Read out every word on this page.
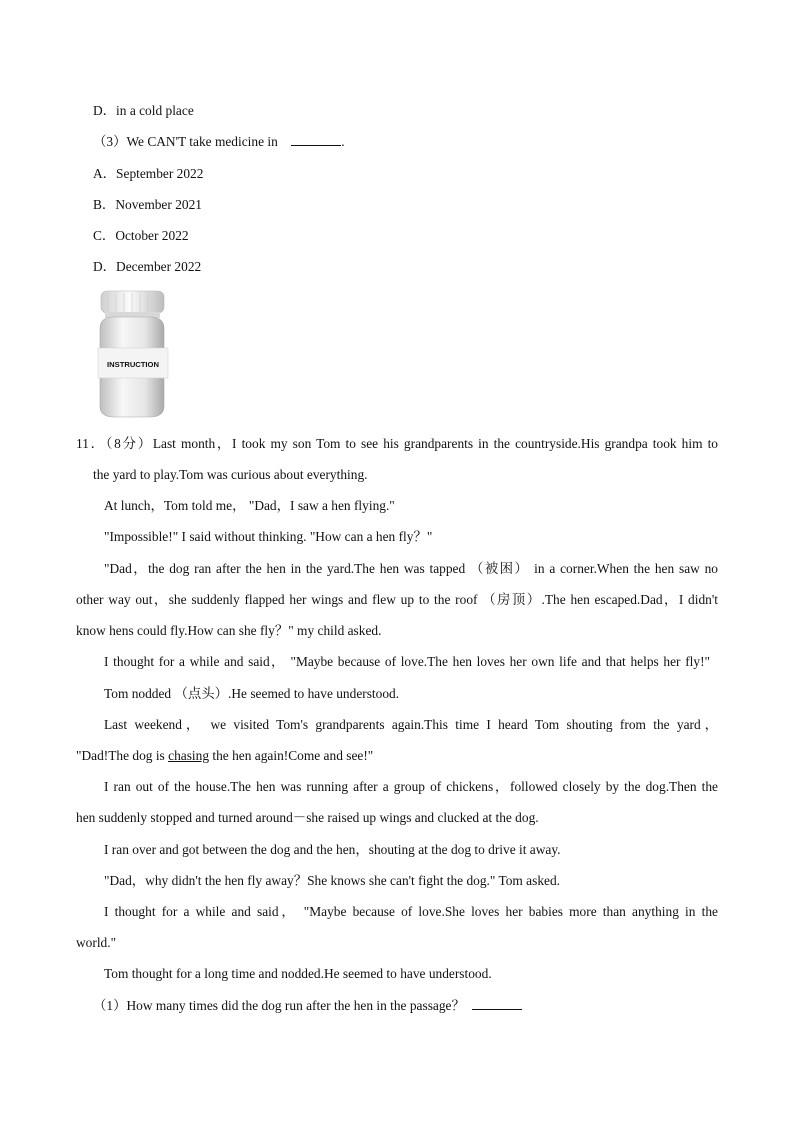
D．in a cold place
（3）We CAN'T take medicine in	.
A．September 2022
B．November 2021
C．October 2022
D．December 2022
INSTRUCTION
11．（8分）Last month，I took my son Tom to see his grandparents in the countryside.His grandpa took him to
the yard to play.Tom was curious about everything.
At lunch，Tom told me， "Dad，I saw a hen flying."
"Impossible!" I said without thinking. "How can a hen fly？"
"Dad，the dog ran after the hen in the yard.The hen was tapped （被困） in a corner.When the hen saw no
other way out，she suddenly flapped her wings and flew up to the roof （房顶）.The hen escaped.Dad，I didn't
know hens could fly.How can she fly？" my child asked.
I thought for a while and said， "Maybe because of love.The hen loves her own life and that helps her fly!"
Tom nodded （点头）.He seemed to have understood.
Last weekend， we visited Tom's grandparents again.This time I heard Tom shouting from the yard，
"Dad!The dog is chasing the hen again!Come and see!"
I ran out of the house.The hen was running after a group of chickens，followed closely by the dog.Then the
hen suddenly stopped and turned around－she raised up wings and clucked at the dog.
I ran over and got between the dog and the hen，shouting at the dog to drive it away.
"Dad，why didn't the hen fly away？She knows she can't fight the dog." Tom asked.
I thought for a while and said， "Maybe because of love.She loves her babies more than anything in the
world."
Tom thought for a long time and nodded.He seemed to have understood.
（1）How many times did the dog run after the hen in the passage？
